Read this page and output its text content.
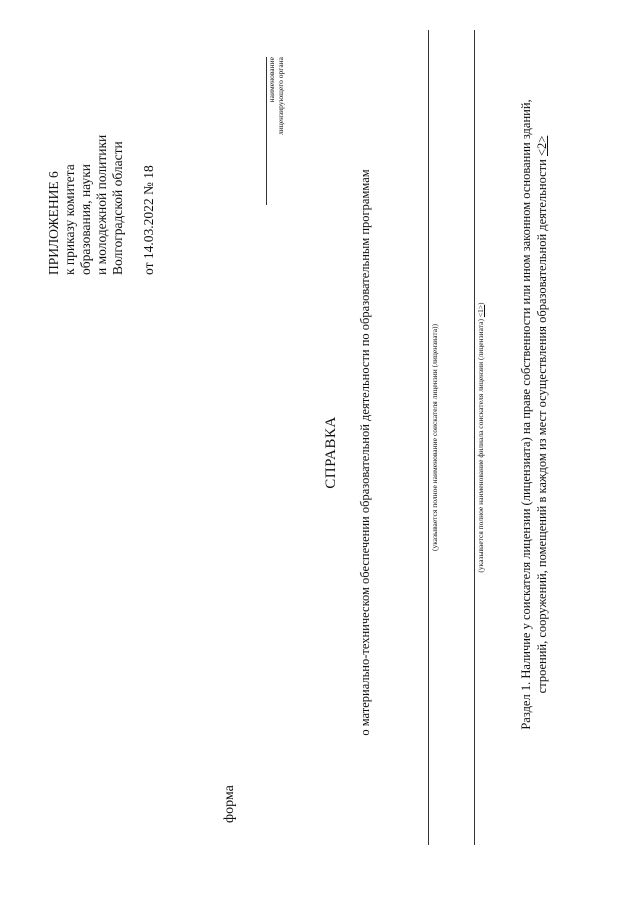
ПРИЛОЖЕНИЕ 6 к приказу комитета образования, науки и молодежной политики Волгоградской области от 14.03.2022 № 18
наименование лицензирующего органа
форма
СПРАВКА о материально-техническом обеспечении образовательной деятельности по образовательным программам	(указывается полное наименование соискателя лицензии (лицензиата))	(указывается полное наименование филиала соискателя лицензии (лицензиата) <1>)	Раздел 1. Наличие у соискателя лицензии (лицензиата) на праве собственности или ином законном основании зданий, строений, сооружений, помещений в каждом из мест осуществления образовательной деятельности <2>
